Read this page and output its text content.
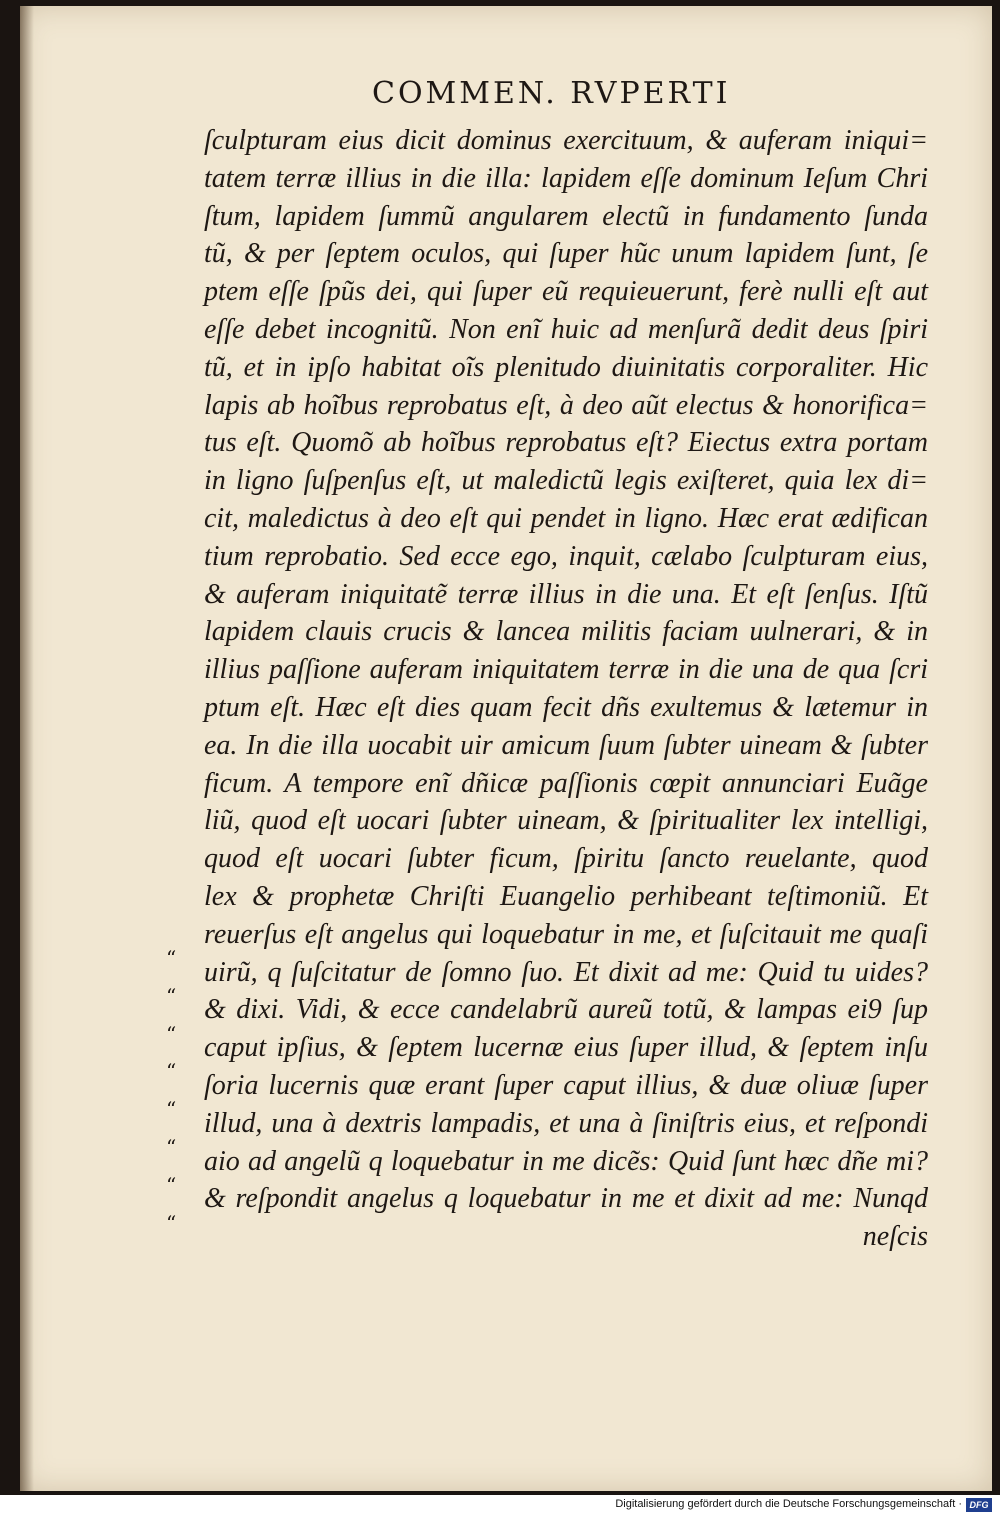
COMMEN. RVPERTI
ſculpturam eius dicit dominus exercituum, & auferam iniqui=
tatem terræ illius in die illa: lapidem eſſe dominum Ieſum Chri
ſtum, lapidem ſummũ angularem electũ in fundamento ſunda
tũ, & per ſeptem oculos, qui ſuper hũc unum lapidem ſunt, ſe
ptem eſſe ſpũs dei, qui ſuper eũ requieuerunt, ferè nulli eſt aut
eſſe debet incognitũ. Non enĩ huic ad menſurã dedit deus ſpiri
tũ, et in ipſo habitat oĩs plenitudo diuinitatis corporaliter. Hic
lapis ab hoĩbus reprobatus eſt, à deo aũt electus & honorifica=
tus eſt. Quomõ ab hoĩbus reprobatus eſt? Eiectus extra portam
in ligno ſuſpenſus eſt, ut maledictũ legis exiſteret, quia lex di=
cit, maledictus à deo eſt qui pendet in ligno. Hæc erat ædifican
tium reprobatio. Sed ecce ego, inquit, cælabo ſculpturam eius,
& auferam iniquitatẽ terræ illius in die una. Et eſt ſenſus. Iſtũ
lapidem clauis crucis & lancea militis faciam uulnerari, & in
illius paſſione auferam iniquitatem terræ in die una de qua ſcri
ptum eſt. Hæc eſt dies quam fecit dñs exultemus & lætemur in
ea. In die illa uocabit uir amicum ſuum ſubter uineam & ſubter
ficum. A tempore enĩ dñicæ paſſionis cœpit annunciari Euãge
liũ, quod eſt uocari ſubter uineam, & ſpiritualiter lex intelligi,
quod eſt uocari ſubter ficum, ſpiritu ſancto reuelante, quod
lex & prophetæ Chriſti Euangelio perhibeant teſtimoniũ. Et
reuerſus eſt angelus qui loquebatur in me, et ſuſcitauit me quaſi
uirũ, q ſuſcitatur de ſomno ſuo. Et dixit ad me: Quid tu uides?
& dixi. Vidi, & ecce candelabrũ aureũ totũ, & lampas ei9 ſup
caput ipſius, & ſeptem lucernæ eius ſuper illud, & ſeptem inſu
ſoria lucernis quæ erant ſuper caput illius, & duæ oliuæ ſuper
illud, una à dextris lampadis, et una à ſiniſtris eius, et reſpondi
aio ad angelũ q loquebatur in me dicẽs: Quid ſunt hæc dñe mi?
& reſpondit angelus q loquebatur in me et dixit ad me: Nunqd
neſcis
“
“
“
“
“
“
“
“
Digitalisierung gefördert durch die Deutsche Forschungsgemeinschaft · DFG
